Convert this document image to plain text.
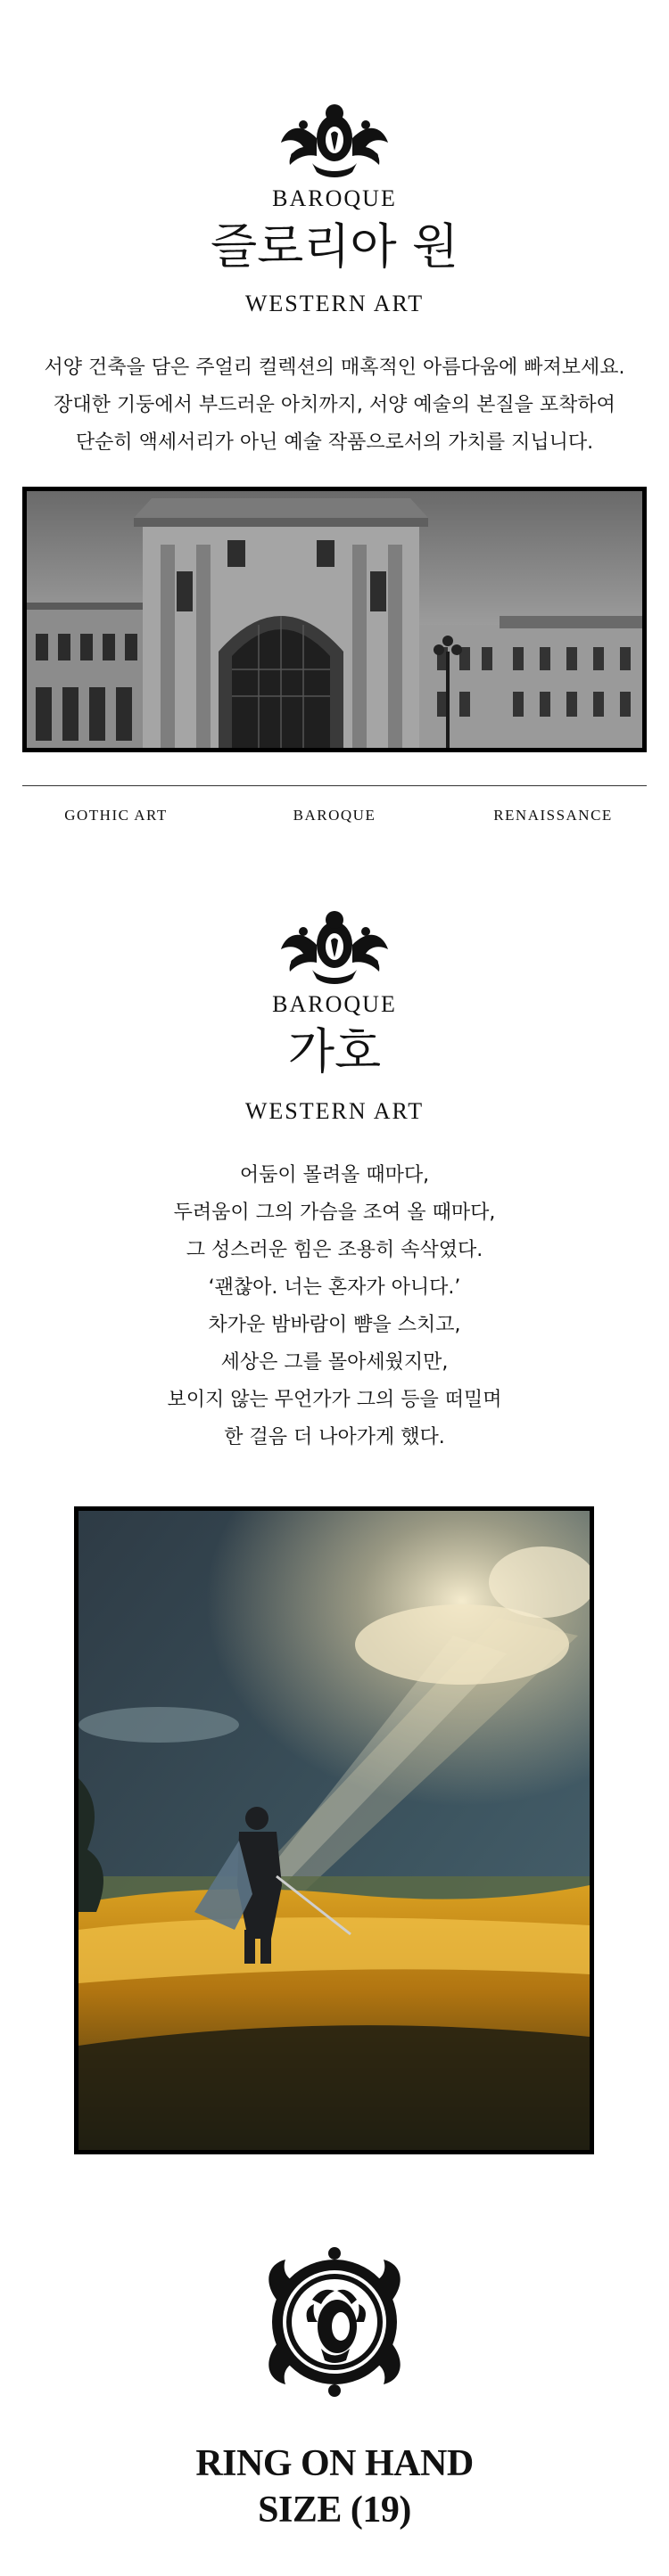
BAROQUE
즐로리아 원
WESTERN ART
서양 건축을 담은 주얼리 컬렉션의 매혹적인 아름다움에 빠져보세요.
장대한 기둥에서 부드러운 아치까지, 서양 예술의 본질을 포착하여
단순히 액세서리가 아닌 예술 작품으로서의 가치를 지닙니다.
GOTHIC ART	BAROQUE	RENAISSANCE
BAROQUE
가호
WESTERN ART
어둠이 몰려올 때마다,
두려움이 그의 가슴을 조여 올 때마다,
그 성스러운 힘은 조용히 속삭였다.
‘괜찮아. 너는 혼자가 아니다.’
차가운 밤바람이 뺨을 스치고,
세상은 그를 몰아세웠지만,
보이지 않는 무언가가 그의 등을 떠밀며
한 걸음 더 나아가게 했다.
RING ON HAND
SIZE (19)
